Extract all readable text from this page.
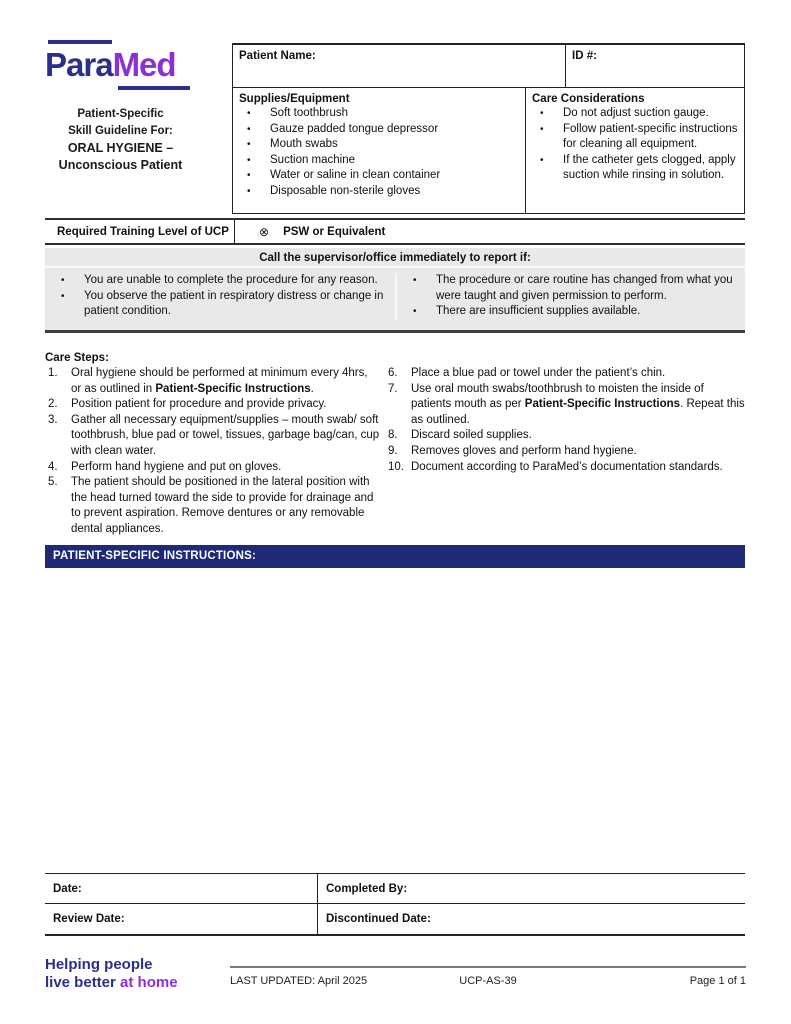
ParaMed
Patient-Specific
Skill Guideline For:
ORAL HYGIENE –
Unconscious Patient
Patient Name:	ID #:
Supplies/Equipment
•	Soft toothbrush
•	Gauze padded tongue depressor
•	Mouth swabs
•	Suction machine
•	Water or saline in clean container
•	Disposable non-sterile gloves
Care Considerations
•	Do not adjust suction gauge.
•	Follow patient-specific instructions for cleaning all equipment.
•	If the catheter gets clogged, apply suction while rinsing in solution.
Required Training Level of UCP	⊗ PSW or Equivalent
Call the supervisor/office immediately to report if:
•	You are unable to complete the procedure for any reason.
•	You observe the patient in respiratory distress or change in patient condition.
•	The procedure or care routine has changed from what you were taught and given permission to perform.
•	There are insufficient supplies available.
Care Steps:
1.	Oral hygiene should be performed at minimum every 4hrs, or as outlined in Patient-Specific Instructions.
2.	Position patient for procedure and provide privacy.
3.	Gather all necessary equipment/supplies – mouth swab/ soft toothbrush, blue pad or towel, tissues, garbage bag/can, cup with clean water.
4.	Perform hand hygiene and put on gloves.
5.	The patient should be positioned in the lateral position with the head turned toward the side to provide for drainage and to prevent aspiration. Remove dentures or any removable dental appliances.
6.	Place a blue pad or towel under the patient’s chin.
7.	Use oral mouth swabs/toothbrush to moisten the inside of patients mouth as per Patient-Specific Instructions. Repeat this as outlined.
8.	Discard soiled supplies.
9.	Removes gloves and perform hand hygiene.
10. Document according to ParaMed’s documentation standards.
PATIENT-SPECIFIC INSTRUCTIONS:
Date:	Completed By:
Review Date:	Discontinued Date:
Helping people
live better at home	LAST UPDATED: April 2025	UCP-AS-39	Page 1 of 1
